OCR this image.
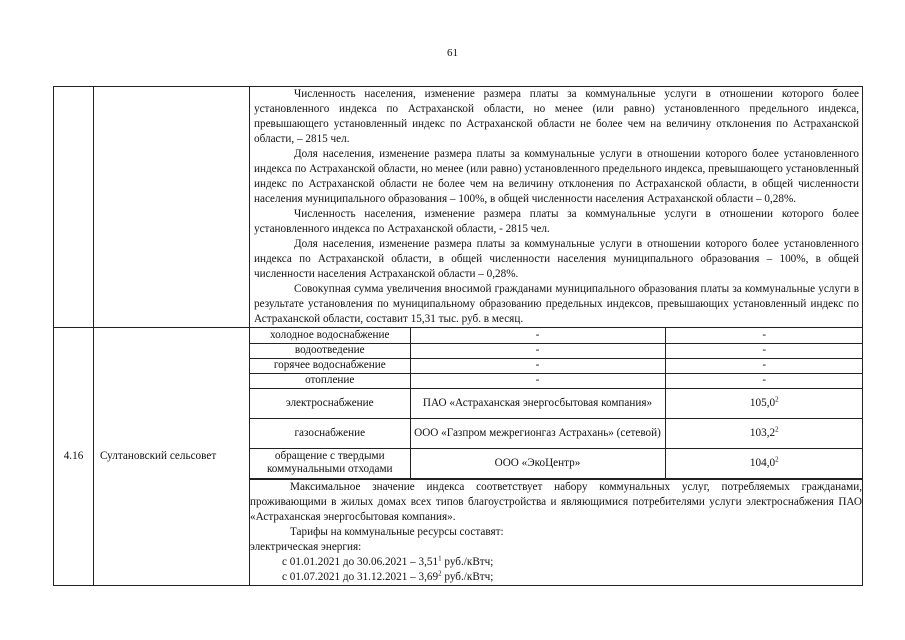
61

Численность населения, изменение размера платы за коммунальные услуги в отношении которого более установленного индекса по Астраханской области, но менее (или равно) установленного предельного индекса, превышающего установленный индекс по Астраханской области не более чем на величину отклонения по Астраханской области, – 2815 чел.
Доля населения, изменение размера платы за коммунальные услуги в отношении которого более установленного индекса по Астраханской области, но менее (или равно) установленного предельного индекса, превышающего установленный индекс по Астраханской области не более чем на величину отклонения по Астраханской области, в общей численности населения муниципального образования – 100%, в общей численности населения Астраханской области – 0,28%.
Численность населения, изменение размера платы за коммунальные услуги в отношении которого более установленного индекса по Астраханской области, - 2815 чел.
Доля населения, изменение размера платы за коммунальные услуги в отношении которого более установленного индекса по Астраханской области, в общей численности населения муниципального образования – 100%, в общей численности населения Астраханской области – 0,28%.
Совокупная сумма увеличения вносимой гражданами муниципального образования платы за коммунальные услуги в результате установления по муниципальному образованию предельных индексов, превышающих установленный индекс по Астраханской области, составит 15,31 тыс. руб. в месяц.

4.16	Султановский сельсовет	
холодное водоснабжение	-	-
водоотведение	-	-
горячее водоснабжение	-	-
отопление	-	-
электроснабжение	ПАО «Астраханская энергосбытовая компания»	105,0$^2$
газоснабжение	ООО «Газпром межрегионгаз Астрахань» (сетевой)	103,2$^2$
обращение с твердыми коммунальными отходами	ООО «ЭкоЦентр»	104,0$^2$

Максимальное значение индекса соответствует набору коммунальных услуг, потребляемых гражданами, проживающими в жилых домах всех типов благоустройства и являющимися потребителями услуги электроснабжения ПАО «Астраханская энергосбытовая компания».
Тарифы на коммунальные ресурсы составят:
электрическая энергия:
с 01.01.2021 до 30.06.2021 – 3,51$^1$ руб./кВтч;
с 01.07.2021 до 31.12.2021 – 3,69$^2$ руб./кВтч;
